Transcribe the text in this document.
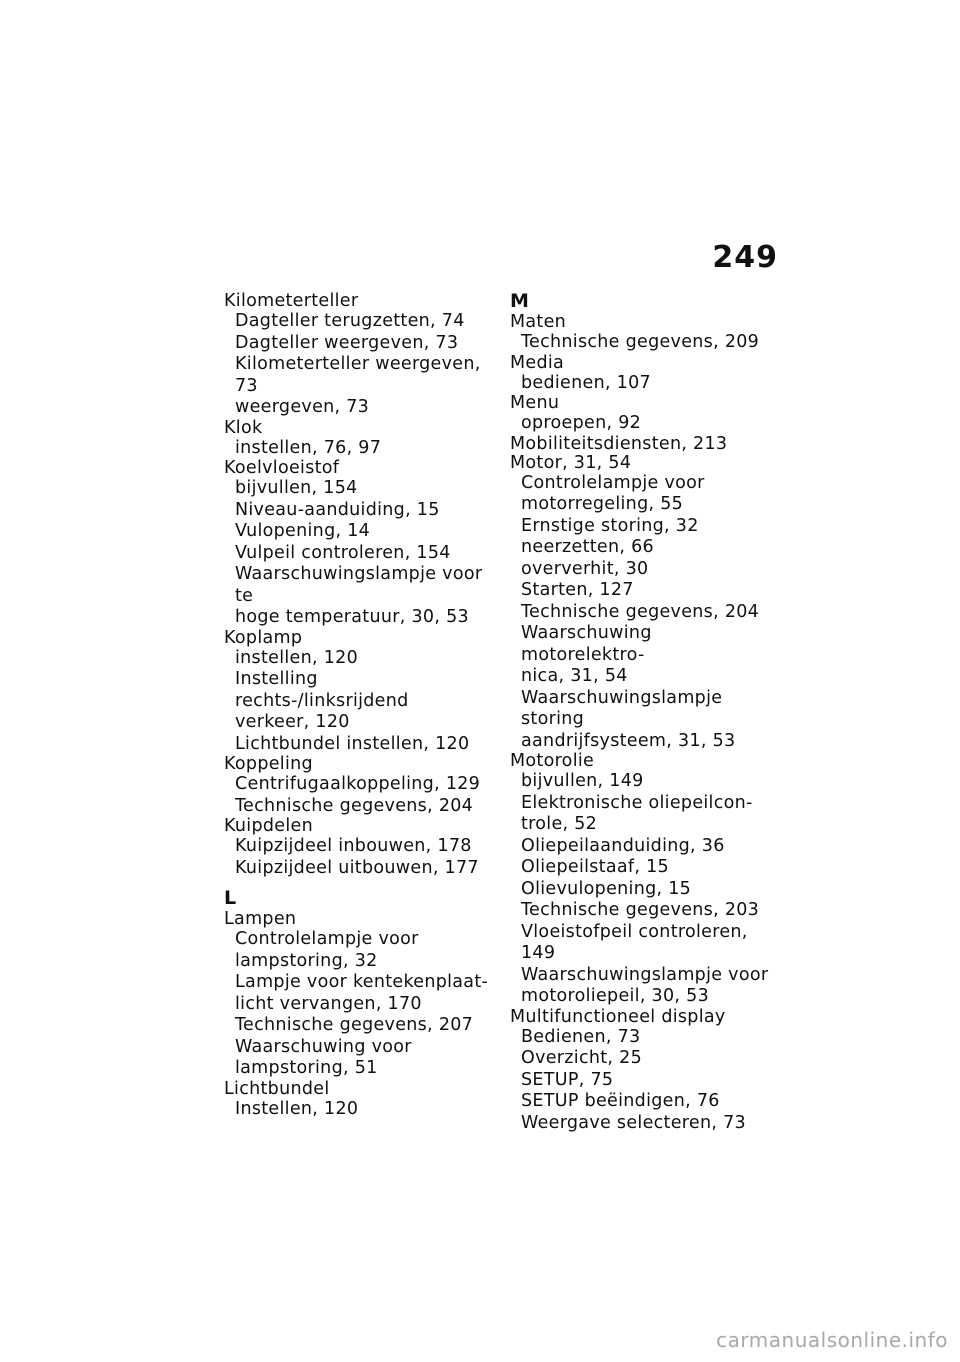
249
Kilometerteller
Dagteller terugzetten, 74
Dagteller weergeven, 73
Kilometerteller weergeven, 73
weergeven, 73
Klok
instellen, 76, 97
Koelvloeistof
bijvullen, 154
Niveau-aanduiding, 15
Vulopening, 14
Vulpeil controleren, 154
Waarschuwingslampje voor te
hoge temperatuur, 30, 53
Koplamp
instellen, 120
Instelling rechts-/linksrijdend
verkeer, 120
Lichtbundel instellen, 120
Koppeling
Centrifugaalkoppeling, 129
Technische gegevens, 204
Kuipdelen
Kuipzijdeel inbouwen, 178
Kuipzijdeel uitbouwen, 177
L
Lampen
Controlelampje voor
lampstoring, 32
Lampje voor kentekenplaat-
licht vervangen, 170
Technische gegevens, 207
Waarschuwing voor
lampstoring, 51
Lichtbundel
Instellen, 120
M
Maten
Technische gegevens, 209
Media
bedienen, 107
Menu
oproepen, 92
Mobiliteitsdiensten, 213
Motor, 31, 54
Controlelampje voor
motorregeling, 55
Ernstige storing, 32
neerzetten, 66
oververhit, 30
Starten, 127
Technische gegevens, 204
Waarschuwing motorelektro-
nica, 31, 54
Waarschuwingslampje storing
aandrijfsysteem, 31, 53
Motorolie
bijvullen, 149
Elektronische oliepeilcon-
trole, 52
Oliepeilaanduiding, 36
Oliepeilstaaf, 15
Olievulopening, 15
Technische gegevens, 203
Vloeistofpeil controleren, 149
Waarschuwingslampje voor
motoroliepeil, 30, 53
Multifunctioneel display
Bedienen, 73
Overzicht, 25
SETUP, 75
SETUP beëindigen, 76
Weergave selecteren, 73
carmanualsonline.info
